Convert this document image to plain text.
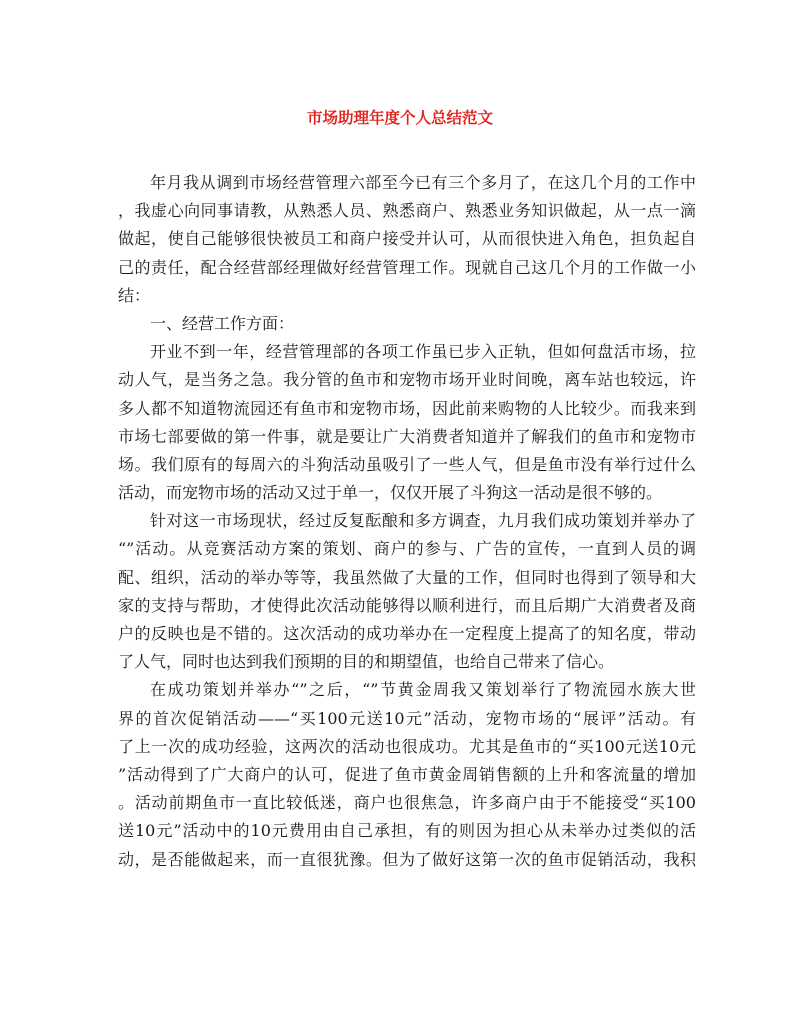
市场助理年度个人总结范文
年月我从调到市场经营管理六部至今已有三个多月了，在这几个月的工作中
，我虚心向同事请教，从熟悉人员、熟悉商户、熟悉业务知识做起，从一点一滴
做起，使自己能够很快被员工和商户接受并认可，从而很快进入角色，担负起自
己的责任，配合经营部经理做好经营管理工作。现就自己这几个月的工作做一小
结：
一、经营工作方面：
开业不到一年，经营管理部的各项工作虽已步入正轨，但如何盘活市场，拉
动人气，是当务之急。我分管的鱼市和宠物市场开业时间晚，离车站也较远，许
多人都不知道物流园还有鱼市和宠物市场，因此前来购物的人比较少。而我来到
市场七部要做的第一件事，就是要让广大消费者知道并了解我们的鱼市和宠物市
场。我们原有的每周六的斗狗活动虽吸引了一些人气，但是鱼市没有举行过什么
活动，而宠物市场的活动又过于单一，仅仅开展了斗狗这一活动是很不够的。
针对这一市场现状，经过反复酝酿和多方调查，九月我们成功策划并举办了
“”活动。从竞赛活动方案的策划、商户的参与、广告的宣传，一直到人员的调
配、组织，活动的举办等等，我虽然做了大量的工作，但同时也得到了领导和大
家的支持与帮助，才使得此次活动能够得以顺利进行，而且后期广大消费者及商
户的反映也是不错的。这次活动的成功举办在一定程度上提高了的知名度，带动
了人气，同时也达到我们预期的目的和期望值，也给自己带来了信心。
在成功策划并举办“”之后，“”节黄金周我又策划举行了物流园水族大世
界的首次促销活动——“买100元送10元”活动，宠物市场的“展评”活动。有
了上一次的成功经验，这两次的活动也很成功。尤其是鱼市的“买100元送10元
”活动得到了广大商户的认可，促进了鱼市黄金周销售额的上升和客流量的增加
。活动前期鱼市一直比较低迷，商户也很焦急，许多商户由于不能接受“买100
送10元”活动中的10元费用由自己承担，有的则因为担心从未举办过类似的活
动，是否能做起来，而一直很犹豫。但为了做好这第一次的鱼市促销活动，我积
